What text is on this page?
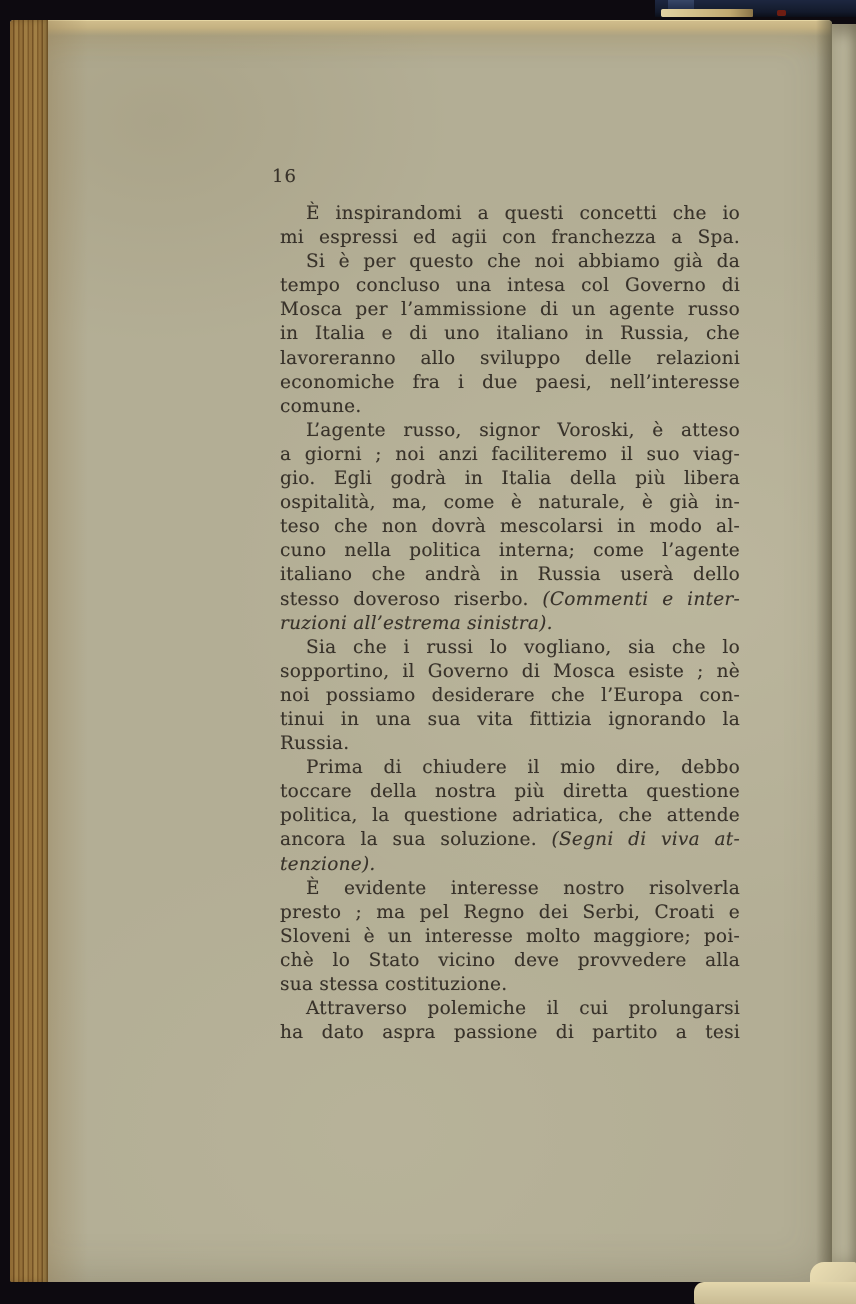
16
È inspirandomi a questi concetti che io
mi espressi ed agii con franchezza a Spa.
Si è per questo che noi abbiamo già da
tempo concluso una intesa col Governo di
Mosca per l’ammissione di un agente russo
in Italia e di uno italiano in Russia, che
lavoreranno allo sviluppo delle relazioni
economiche fra i due paesi, nell’interesse
comune.
L’agente russo, signor Voroski, è atteso
a giorni ; noi anzi faciliteremo il suo viag-
gio. Egli godrà in Italia della più libera
ospitalità, ma, come è naturale, è già in-
teso che non dovrà mescolarsi in modo al-
cuno nella politica interna; come l’agente
italiano che andrà in Russia userà dello
stesso doveroso riserbo. (Commenti e inter-
ruzioni all’estrema sinistra).
Sia che i russi lo vogliano, sia che lo
sopportino, il Governo di Mosca esiste ; nè
noi possiamo desiderare che l’Europa con-
tinui in una sua vita fittizia ignorando la
Russia.
Prima di chiudere il mio dire, debbo
toccare della nostra più diretta questione
politica, la questione adriatica, che attende
ancora la sua soluzione. (Segni di viva at-
tenzione).
È evidente interesse nostro risolverla
presto ; ma pel Regno dei Serbi, Croati e
Sloveni è un interesse molto maggiore; poi-
chè lo Stato vicino deve provvedere alla
sua stessa costituzione.
Attraverso polemiche il cui prolungarsi
ha dato aspra passione di partito a tesi
